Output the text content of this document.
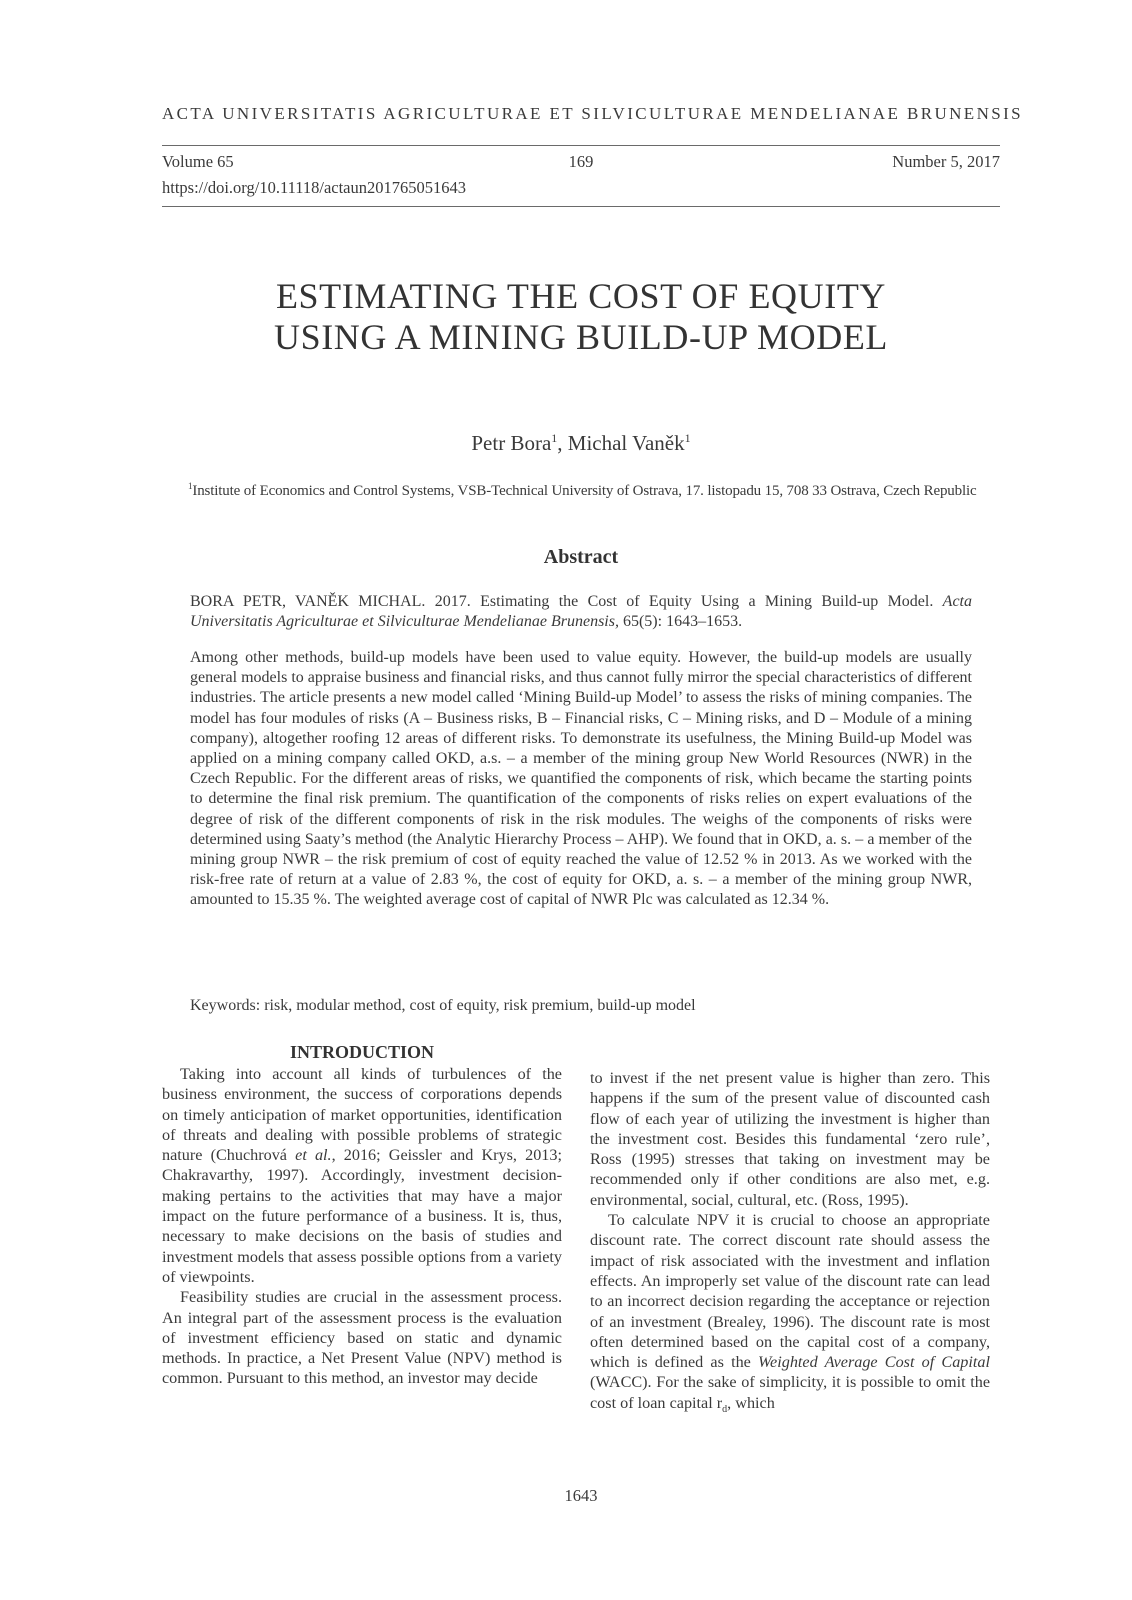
ACTA UNIVERSITATIS AGRICULTURAE ET SILVICULTURAE MENDELIANAE BRUNENSIS
Volume 65	169	Number 5, 2017
https://doi.org/10.11118/actaun201765051643
ESTIMATING THE COST OF EQUITY
USING A MINING BUILD-UP MODEL
Petr Bora$^1$, Michal Vaněk$^1$
$^1$Institute of Economics and Control Systems, VSB-Technical University of Ostrava, 17. listopadu 15, 708 33 Ostrava, Czech Republic
Abstract
BORA PETR, VANĚK MICHAL. 2017. Estimating the Cost of Equity Using a Mining Build-up Model. Acta Universitatis Agriculturae et Silviculturae Mendelianae Brunensis, 65(5): 1643–1653.
Among other methods, build-up models have been used to value equity. However, the build-up models are usually general models to appraise business and financial risks, and thus cannot fully mirror the special characteristics of different industries. The article presents a new model called ‘Mining Build-up Model’ to assess the risks of mining companies. The model has four modules of risks (A – Business risks, B – Financial risks, C – Mining risks, and D – Module of a mining company), altogether roofing 12 areas of different risks. To demonstrate its usefulness, the Mining Build-up Model was applied on a mining company called OKD, a.s. – a member of the mining group New World Resources (NWR) in the Czech Republic. For the different areas of risks, we quantified the components of risk, which became the starting points to determine the final risk premium. The quantification of the components of risks relies on expert evaluations of the degree of risk of the different components of risk in the risk modules. The weighs of the components of risks were determined using Saaty’s method (the Analytic Hierarchy Process – AHP). We found that in OKD, a. s. – a member of the mining group NWR – the risk premium of cost of equity reached the value of 12.52 % in 2013. As we worked with the risk-free rate of return at a value of 2.83 %, the cost of equity for OKD, a. s. – a member of the mining group NWR, amounted to 15.35 %. The weighted average cost of capital of NWR Plc was calculated as 12.34 %.
Keywords: risk, modular method, cost of equity, risk premium, build-up model
INTRODUCTION

Taking into account all kinds of turbulences of the business environment, the success of corporations depends on timely anticipation of market opportunities, identification of threats and dealing with possible problems of strategic nature (Chuchrová et al., 2016; Geissler and Krys, 2013; Chakravarthy, 1997). Accordingly, investment decision-making pertains to the activities that may have a major impact on the future performance of a business. It is, thus, necessary to make decisions on the basis of studies and investment models that assess possible options from a variety of viewpoints.

Feasibility studies are crucial in the assessment process. An integral part of the assessment process is the evaluation of investment efficiency based on static and dynamic methods. In practice, a Net Present Value (NPV) method is common. Pursuant to this method, an investor may decide

to invest if the net present value is higher than zero. This happens if the sum of the present value of discounted cash flow of each year of utilizing the investment is higher than the investment cost. Besides this fundamental ‘zero rule’, Ross (1995) stresses that taking on investment may be recommended only if other conditions are also met, e.g. environmental, social, cultural, etc. (Ross, 1995).

To calculate NPV it is crucial to choose an appropriate discount rate. The correct discount rate should assess the impact of risk associated with the investment and inflation effects. An improperly set value of the discount rate can lead to an incorrect decision regarding the acceptance or rejection of an investment (Brealey, 1996). The discount rate is most often determined based on the capital cost of a company, which is defined as the Weighted Average Cost of Capital (WACC). For the sake of simplicity, it is possible to omit the cost of loan capital $r_d$, which

1643
